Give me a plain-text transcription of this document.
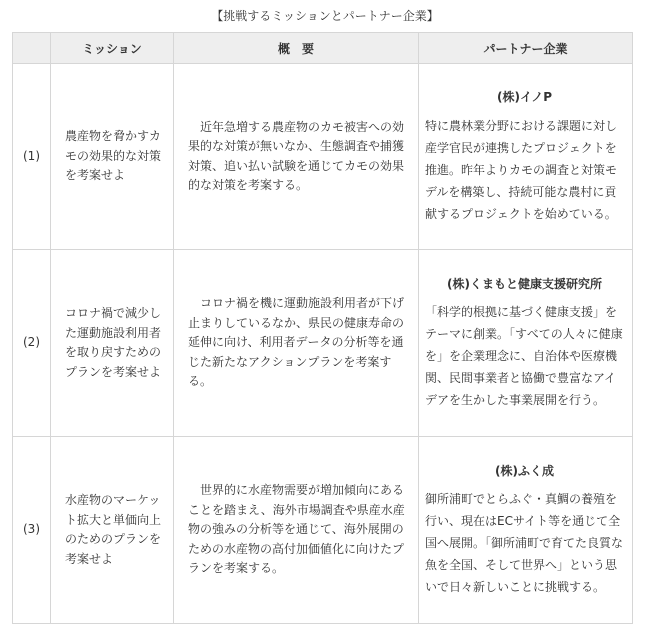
【挑戦するミッションとパートナー企業】
	ミッション	概　要	パートナー企業
(1)	農産物を脅かすカモの効果的な対策を考案せよ	近年急増する農産物のカモ被害への効果的な対策が無いなか、生態調査や捕獲対策、追い払い試験を通じてカモの効果的な対策を考案する。	(株)イノP
特に農林業分野における課題に対し産学官民が連携したプロジェクトを推進。昨年よりカモの調査と対策モデルを構築し、持続可能な農村に貢献するプロジェクトを始めている。

(2)	コロナ禍で減少した運動施設利用者を取り戻すためのプランを考案せよ	コロナ禍を機に運動施設利用者が下げ止まりしているなか、県民の健康寿命の延伸に向け、利用者データの分析等を通じた新たなアクションプランを考案する。	(株)くまもと健康支援研究所
「科学的根拠に基づく健康支援」をテーマに創業。「すべての人々に健康を」を企業理念に、自治体や医療機関、民間事業者と協働で豊富なアイデアを生かした事業展開を行う。

(3)	水産物のマーケット拡大と単価向上のためのプランを考案せよ	世界的に水産物需要が増加傾向にあることを踏まえ、海外市場調査や県産水産物の強みの分析等を通じて、海外展開のための水産物の高付加価値化に向けたプランを考案する。	(株)ふく成
御所浦町でとらふぐ・真鯛の養殖を行い、現在はECサイト等を通じて全国へ展開。「御所浦町で育てた良質な魚を全国、そして世界へ」という思いで日々新しいことに挑戦する。
